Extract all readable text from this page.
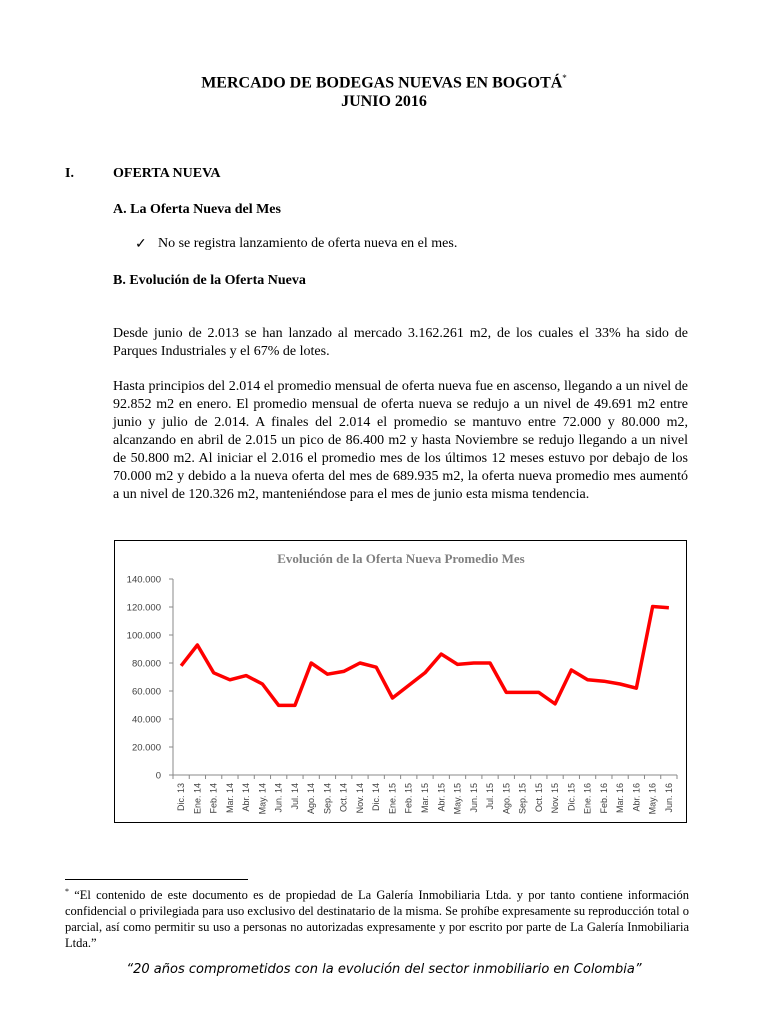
MERCADO DE BODEGAS NUEVAS EN BOGOTÁ*
JUNIO 2016
I.	OFERTA NUEVA
A. La Oferta Nueva del Mes
✓ No se registra lanzamiento de oferta nueva en el mes.
B. Evolución de la Oferta Nueva

Desde junio de 2.013 se han lanzado al mercado 3.162.261 m2, de los cuales el 33% ha sido de Parques Industriales y el 67% de lotes.

Hasta principios del 2.014 el promedio mensual de oferta nueva fue en ascenso, llegando a un nivel de 92.852 m2 en enero. El promedio mensual de oferta nueva se redujo a un nivel de 49.691 m2 entre junio y julio de 2.014. A finales del 2.014 el promedio se mantuvo entre 72.000 y 80.000 m2, alcanzando en abril de 2.015 un pico de 86.400 m2 y hasta Noviembre se redujo llegando a un nivel de 50.800 m2. Al iniciar el 2.016 el promedio mes de los últimos 12 meses estuvo por debajo de los 70.000 m2 y debido a la nueva oferta del mes de 689.935 m2, la oferta nueva promedio mes aumentó a un nivel de 120.326 m2, manteniéndose para el mes de junio esta misma tendencia.

Evolución de la Oferta Nueva Promedio Mes
0
20.000
40.000
60.000
80.000
100.000
120.000
140.000
Dic. 13 Ene. 14 Feb. 14 Mar. 14 Abr. 14 May. 14 Jun. 14 Jul. 14 Ago. 14 Sep. 14 Oct. 14 Nov. 14 Dic. 14 Ene. 15 Feb. 15 Mar. 15 Abr. 15 May. 15 Jun. 15 Jul. 15 Ago. 15 Sep. 15 Oct. 15 Nov. 15 Dic. 15 Ene. 16 Feb. 16 Mar. 16 Abr. 16 May. 16 Jun. 16

* “El contenido de este documento es de propiedad de La Galería Inmobiliaria Ltda. y por tanto contiene información confidencial o privilegiada para uso exclusivo del destinatario de la misma. Se prohíbe expresamente su reproducción total o parcial, así como permitir su uso a personas no autorizadas expresamente y por escrito por parte de La Galería Inmobiliaria Ltda.”

“20 años comprometidos con la evolución del sector inmobiliario en Colombia”
